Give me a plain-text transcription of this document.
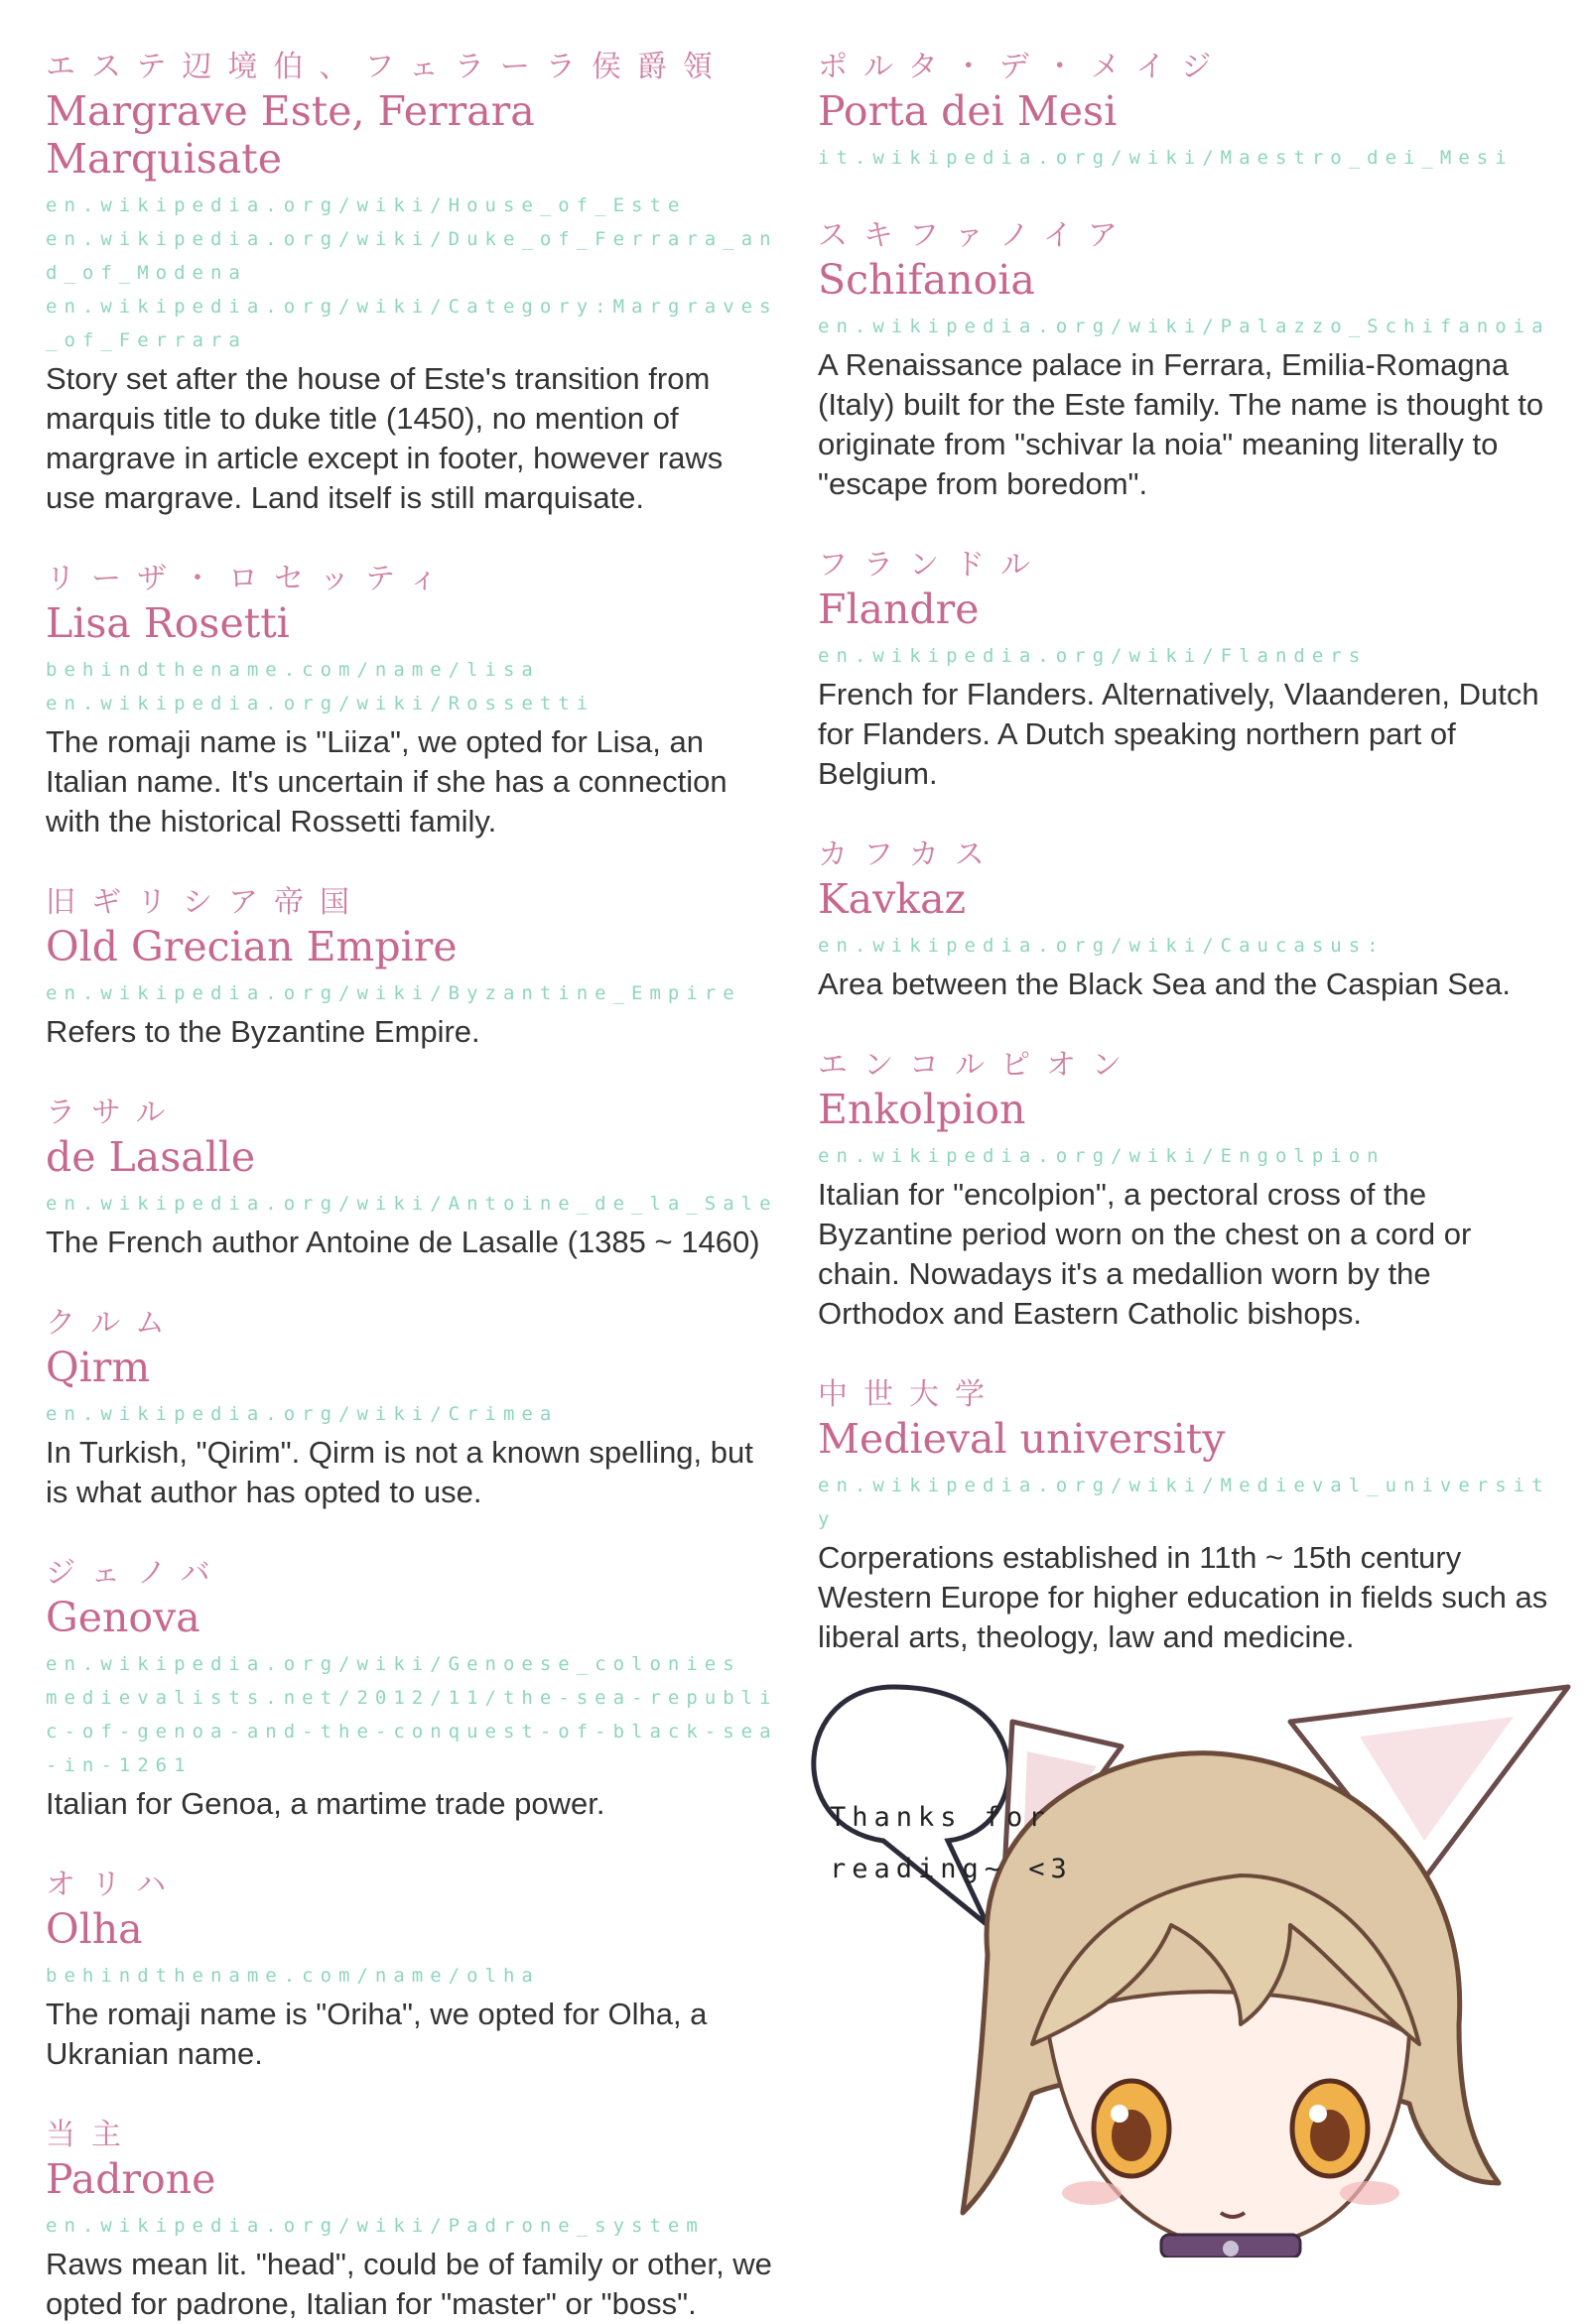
エステ辺境伯、フェラーラ侯爵領
Margrave Este, Ferrara Marquisate
en.wikipedia.org/wiki/House_of_Este
en.wikipedia.org/wiki/Duke_of_Ferrara_and_of_Modena
en.wikipedia.org/wiki/Category:Margraves_of_Ferrara
Story set after the house of Este's transition from marquis title to duke title (1450), no mention of margrave in article except in footer, however raws use margrave. Land itself is still marquisate.
リーザ・ロセッティ
Lisa Rosetti
behindthename.com/name/lisa
en.wikipedia.org/wiki/Rossetti
The romaji name is "Liiza", we opted for Lisa, an Italian name. It's uncertain if she has a connection with the historical Rossetti family.
旧ギリシア帝国
Old Grecian Empire
en.wikipedia.org/wiki/Byzantine_Empire
Refers to the Byzantine Empire.
ラサル
de Lasalle
en.wikipedia.org/wiki/Antoine_de_la_Sale
The French author Antoine de Lasalle (1385 ~ 1460)
クルム
Qirm
en.wikipedia.org/wiki/Crimea
In Turkish, "Qirim". Qirm is not a known spelling, but is what author has opted to use.
ジェノバ
Genova
en.wikipedia.org/wiki/Genoese_colonies
medievalists.net/2012/11/the-sea-republic-of-genoa-and-the-conquest-of-black-sea-in-1261
Italian for Genoa, a martime trade power.
オリハ
Olha
behindthename.com/name/olha
The romaji name is "Oriha", we opted for Olha, a Ukranian name.
当主
Padrone
en.wikipedia.org/wiki/Padrone_system
Raws mean lit. "head", could be of family or other, we opted for padrone, Italian for "master" or "boss".
ポルタ・デ・メイジ
Porta dei Mesi
it.wikipedia.org/wiki/Maestro_dei_Mesi
スキファノイア
Schifanoia
en.wikipedia.org/wiki/Palazzo_Schifanoia
A Renaissance palace in Ferrara, Emilia-Romagna (Italy) built for the Este family. The name is thought to originate from "schivar la noia" meaning literally to "escape from boredom".
フランドル
Flandre
en.wikipedia.org/wiki/Flanders
French for Flanders. Alternatively, Vlaanderen, Dutch for Flanders. A Dutch speaking northern part of Belgium.
カフカス
Kavkaz
en.wikipedia.org/wiki/Caucasus:
Area between the Black Sea and the Caspian Sea.
エンコルピオン
Enkolpion
en.wikipedia.org/wiki/Engolpion
Italian for "encolpion", a pectoral cross of the Byzantine period worn on the chest on a cord or chain. Nowadays it's a medallion worn by the Orthodox and Eastern Catholic bishops.
中世大学
Medieval university
en.wikipedia.org/wiki/Medieval_university
Corperations established in 11th ~ 15th century Western Europe for higher education in fields such as liberal arts, theology, law and medicine.
Thanks for
reading~ <3
